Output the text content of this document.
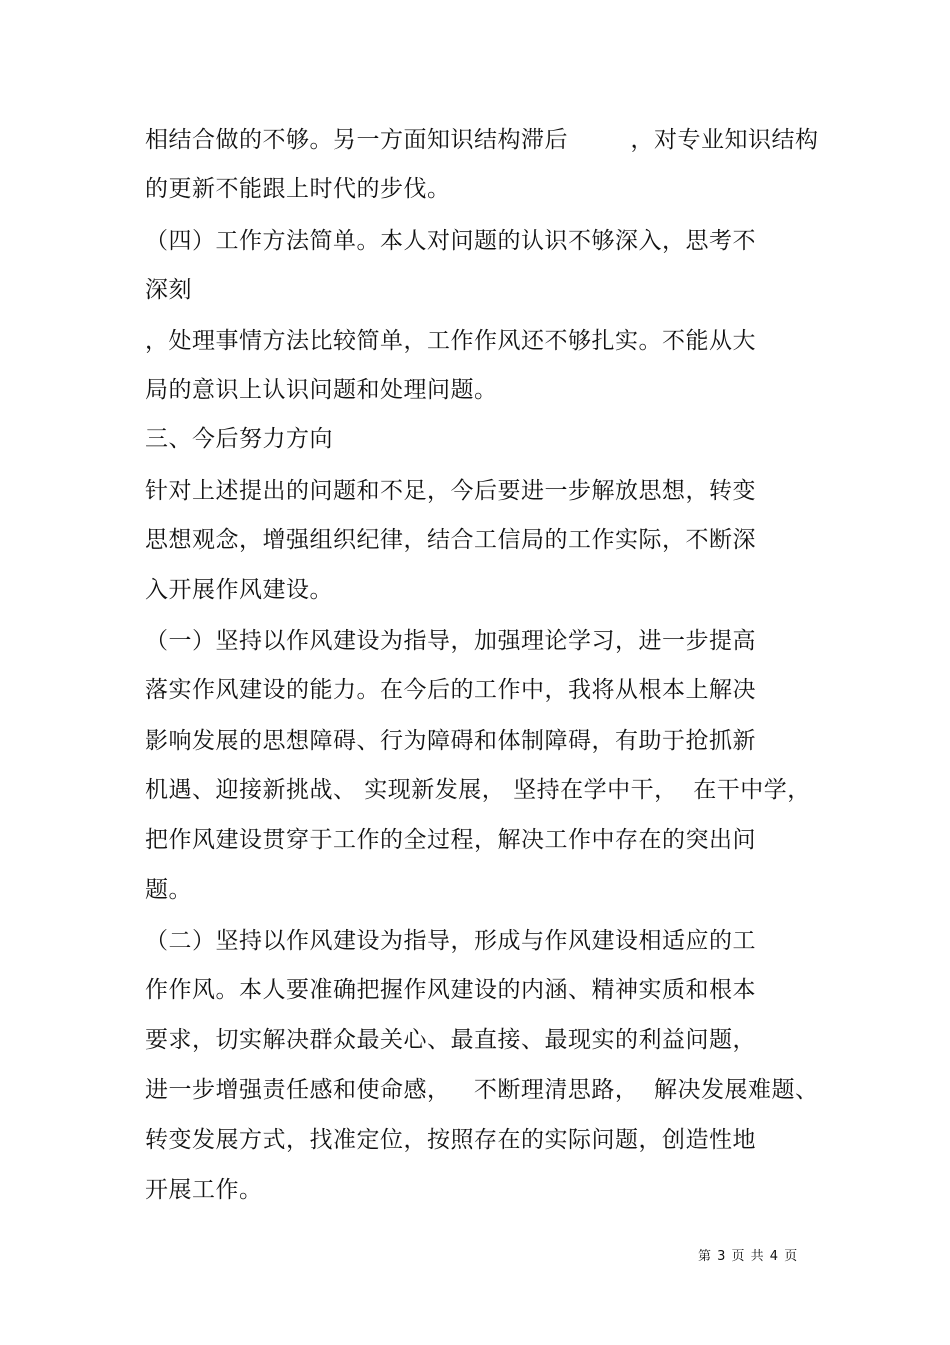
相结合做的不够。另一方面知识结构滞后        ，对专业知识结构
的更新不能跟上时代的步伐。
（四）工作方法简单。本人对问题的认识不够深入，思考不
深刻
，处理事情方法比较简单，工作作风还不够扎实。不能从大
局的意识上认识问题和处理问题。
三、今后努力方向
针对上述提出的问题和不足，今后要进一步解放思想，转变
思想观念，增强组织纪律，结合工信局的工作实际，不断深
入开展作风建设。
（一）坚持以作风建设为指导，加强理论学习，进一步提高
落实作风建设的能力。在今后的工作中，我将从根本上解决
影响发展的思想障碍、行为障碍和体制障碍，有助于抢抓新
机遇、迎接新挑战、 实现新发展， 坚持在学中干，  在干中学，
把作风建设贯穿于工作的全过程，解决工作中存在的突出问
题。
（二）坚持以作风建设为指导，形成与作风建设相适应的工
作作风。本人要准确把握作风建设的内涵、精神实质和根本
要求，切实解决群众最关心、最直接、最现实的利益问题，
进一步增强责任感和使命感，   不断理清思路，  解决发展难题、
转变发展方式，找准定位，按照存在的实际问题，创造性地
开展工作。
第 3 页 共 4 页
